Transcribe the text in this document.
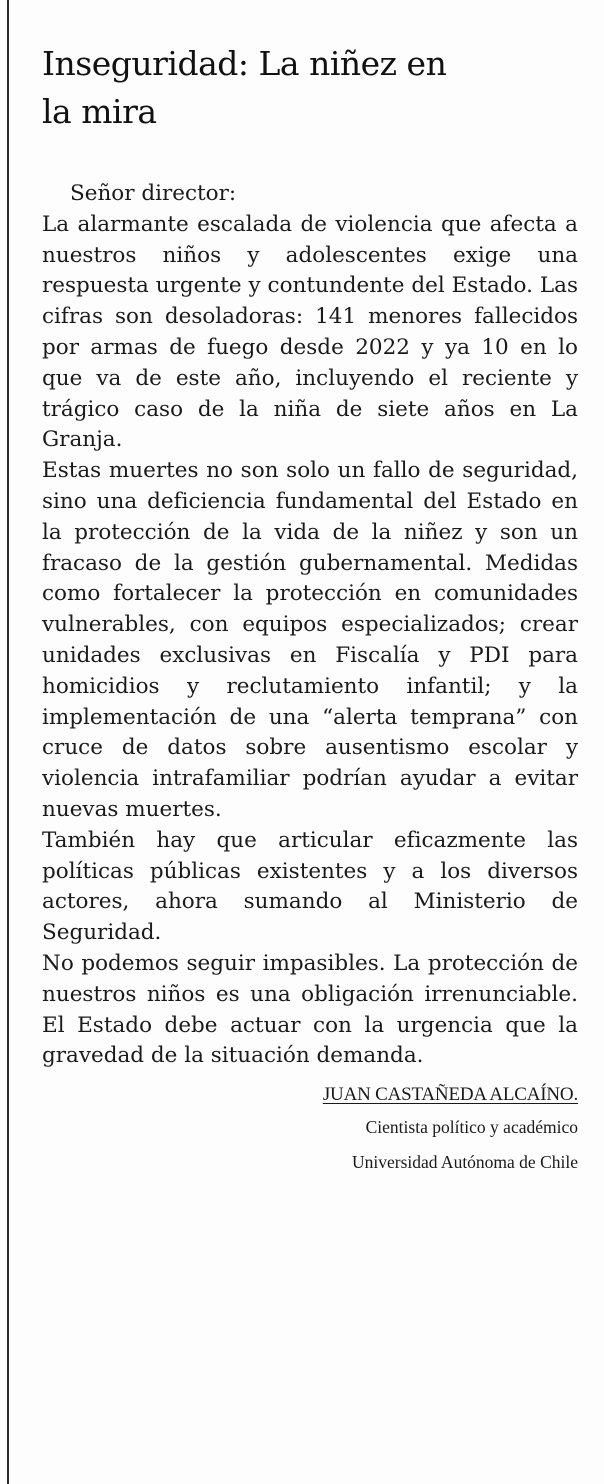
Inseguridad: La niñez en la mira

Señor director:

La alarmante escalada de violencia que afecta a nuestros niños y adolescentes exige una respuesta urgente y contundente del Estado. Las cifras son desoladoras: 141 menores fallecidos por armas de fuego desde 2022 y ya 10 en lo que va de este año, incluyendo el reciente y trágico caso de la niña de siete años en La Granja.

Estas muertes no son solo un fallo de seguridad, sino una deficiencia fundamental del Estado en la protección de la vida de la niñez y son un fracaso de la gestión gubernamental. Medidas como fortalecer la protección en comunidades vulnerables, con equipos especializados; crear unidades exclusivas en Fiscalía y PDI para homicidios y reclutamiento infantil; y la implementación de una “alerta temprana” con cruce de datos sobre ausentismo escolar y violencia intrafamiliar podrían ayudar a evitar nuevas muertes.

También hay que articular eficazmente las políticas públicas existentes y a los diversos actores, ahora sumando al Ministerio de Seguridad.

No podemos seguir impasibles. La protección de nuestros niños es una obligación irrenunciable. El Estado debe actuar con la urgencia que la gravedad de la situación demanda.

JUAN CASTAÑEDA ALCAÍNO.
Cientista político y académico
Universidad Autónoma de Chile
